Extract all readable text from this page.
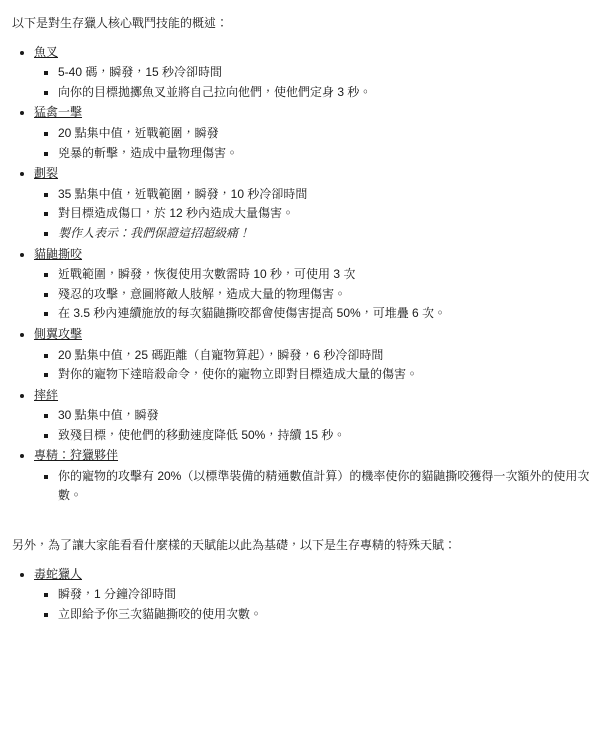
以下是對生存獵人核心戰鬥技能的概述：

• 魚叉
▪ 5-40 碼，瞬發，15 秒冷卻時間
▪ 向你的目標拋擲魚叉並將自己拉向他們，使他們定身 3 秒。
• 猛禽一擊
▪ 20 點集中值，近戰範圍，瞬發
▪ 兇暴的斬擊，造成中量物理傷害。
• 劃裂
▪ 35 點集中值，近戰範圍，瞬發，10 秒冷卻時間
▪ 對目標造成傷口，於 12 秒內造成大量傷害。
▪ 製作人表示：我們保證這招超級痛！
• 貓鼬撕咬
▪ 近戰範圍，瞬發，恢復使用次數需時 10 秒，可使用 3 次
▪ 殘忍的攻擊，意圖將敵人肢解，造成大量的物理傷害。
▪ 在 3.5 秒內連續施放的每次貓鼬撕咬都會使傷害提高 50%，可堆疊 6 次。
• 側翼攻擊
▪ 20 點集中值，25 碼距離（自寵物算起），瞬發，6 秒冷卻時間
▪ 對你的寵物下達暗殺命令，使你的寵物立即對目標造成大量的傷害。
• 摔絆
▪ 30 點集中值，瞬發
▪ 致殘目標，使他們的移動速度降低 50%，持續 15 秒。
• 專精：狩獵夥伴
▪ 你的寵物的攻擊有 20%（以標準裝備的精通數值計算）的機率使你的貓鼬撕咬獲得一次額外的使用次數。

另外，為了讓大家能看看什麼樣的天賦能以此為基礎，以下是生存專精的特殊天賦：

• 毒蛇獵人
▪ 瞬發，1 分鐘冷卻時間
▪ 立即給予你三次貓鼬撕咬的使用次數。
